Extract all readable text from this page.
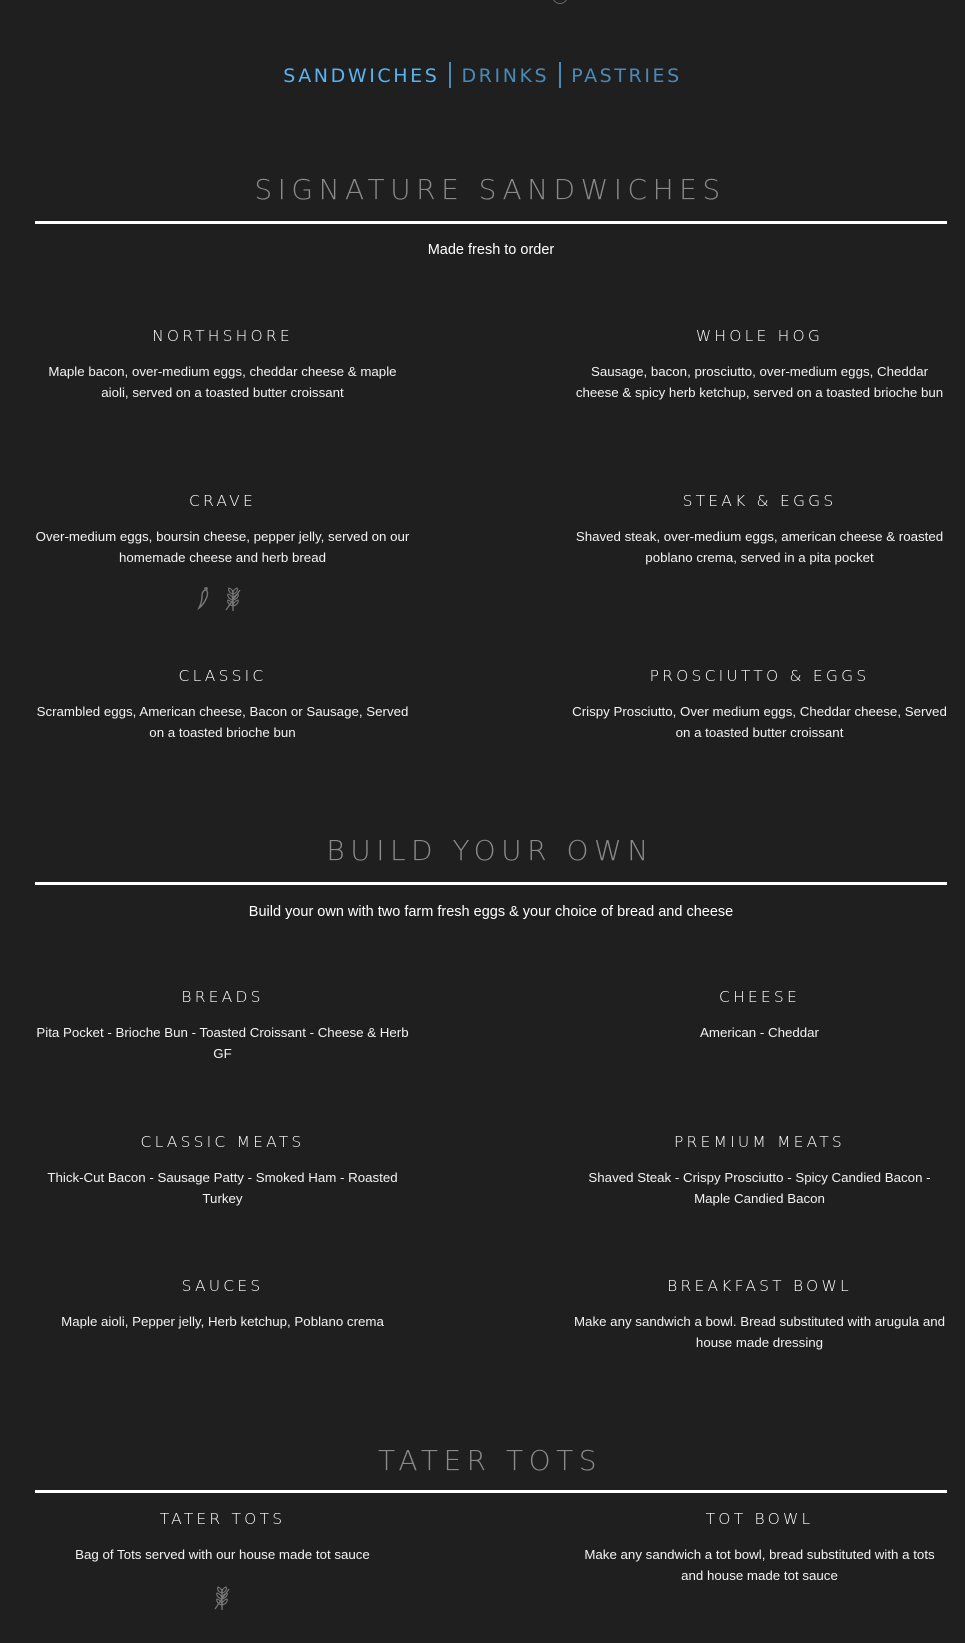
SANDWICHES DRINKS PASTRIES
SIGNATURE SANDWICHES
Made fresh to order
NORTHSHORE
Maple bacon, over-medium eggs, cheddar cheese & maple aioli, served on a toasted butter croissant
WHOLE HOG
Sausage, bacon, prosciutto, over-medium eggs, Cheddar cheese & spicy herb ketchup, served on a toasted brioche bun
CRAVE
Over-medium eggs, boursin cheese, pepper jelly, served on our homemade cheese and herb bread
STEAK & EGGS
Shaved steak, over-medium eggs, american cheese & roasted poblano crema, served in a pita pocket
CLASSIC
Scrambled eggs, American cheese, Bacon or Sausage, Served on a toasted brioche bun
PROSCIUTTO & EGGS
Crispy Prosciutto, Over medium eggs, Cheddar cheese, Served on a toasted butter croissant
BUILD YOUR OWN
Build your own with two farm fresh eggs & your choice of bread and cheese
BREADS
Pita Pocket - Brioche Bun - Toasted Croissant - Cheese & Herb GF
CHEESE
American - Cheddar
CLASSIC MEATS
Thick-Cut Bacon - Sausage Patty - Smoked Ham - Roasted Turkey
PREMIUM MEATS
Shaved Steak - Crispy Prosciutto - Spicy Candied Bacon - Maple Candied Bacon
SAUCES
Maple aioli, Pepper jelly, Herb ketchup, Poblano crema
BREAKFAST BOWL
Make any sandwich a bowl. Bread substituted with arugula and house made dressing
TATER TOTS
TATER TOTS
Bag of Tots served with our house made tot sauce
TOT BOWL
Make any sandwich a tot bowl, bread substituted with a tots and house made tot sauce
